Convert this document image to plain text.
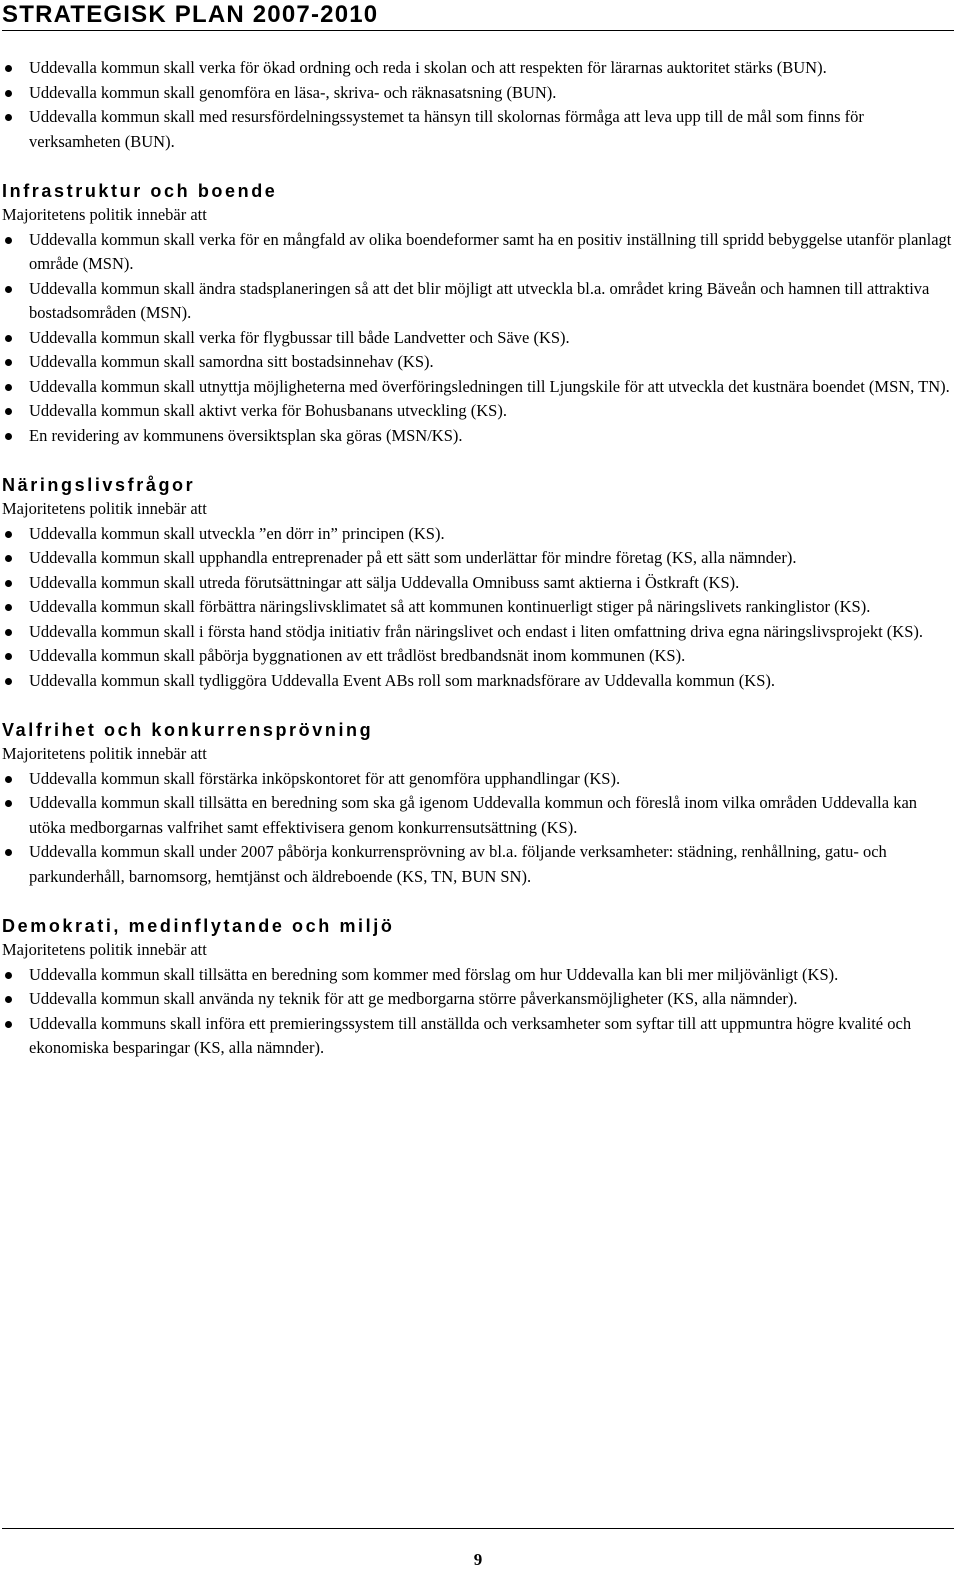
STRATEGISK PLAN 2007-2010
Uddevalla kommun skall verka för ökad ordning och reda i skolan och att respekten för lärarnas auktoritet stärks (BUN).
Uddevalla kommun skall genomföra en läsa-, skriva- och räknasatsning (BUN).
Uddevalla kommun skall med resursfördelningssystemet ta hänsyn till skolornas förmåga att leva upp till de mål som finns för verksamheten (BUN).
Infrastruktur och boende

Majoritetens politik innebär att

Uddevalla kommun skall verka för en mångfald av olika boendeformer samt ha en positiv inställning till spridd bebyggelse utanför planlagt område (MSN).
Uddevalla kommun skall ändra stadsplaneringen så att det blir möjligt att utveckla bl.a. området kring Bäveån och hamnen till attraktiva bostadsområden (MSN).
Uddevalla kommun skall verka för flygbussar till både Landvetter och Säve (KS).
Uddevalla kommun skall samordna sitt bostadsinnehav (KS).
Uddevalla kommun skall utnyttja möjligheterna med överföringsledningen till Ljungskile för att utveckla det kustnära boendet (MSN, TN).
Uddevalla kommun skall aktivt verka för Bohusbanans utveckling (KS).
En revidering av kommunens översiktsplan ska göras (MSN/KS).
Näringslivsfrågor

Majoritetens politik innebär att

Uddevalla kommun skall utveckla ”en dörr in” principen (KS).
Uddevalla kommun skall upphandla entreprenader på ett sätt som underlättar för mindre företag (KS, alla nämnder).
Uddevalla kommun skall utreda förutsättningar att sälja Uddevalla Omnibuss samt aktierna i Östkraft (KS).
Uddevalla kommun skall förbättra näringslivsklimatet så att kommunen kontinuerligt stiger på näringslivets rankinglistor (KS).
Uddevalla kommun skall i första hand stödja initiativ från näringslivet och endast i liten omfattning driva egna näringslivsprojekt (KS).
Uddevalla kommun skall påbörja byggnationen av ett trådlöst bredbandsnät inom kommunen (KS).
Uddevalla kommun skall tydliggöra Uddevalla Event ABs roll som marknadsförare av Uddevalla kommun (KS).
Valfrihet och konkurrensprövning

Majoritetens politik innebär att

Uddevalla kommun skall förstärka inköpskontoret för att genomföra upphandlingar (KS).
Uddevalla kommun skall tillsätta en beredning som ska gå igenom Uddevalla kommun och föreslå inom vilka områden Uddevalla kan utöka medborgarnas valfrihet samt effektivisera genom konkurrensutsättning (KS).
Uddevalla kommun skall under 2007 påbörja konkurrensprövning av bl.a. följande verksamheter: städning, renhållning, gatu- och parkunderhåll, barnomsorg, hemtjänst och äldreboende (KS, TN, BUN SN).
Demokrati, medinflytande och miljö

Majoritetens politik innebär att

Uddevalla kommun skall tillsätta en beredning som kommer med förslag om hur Uddevalla kan bli mer miljövänligt (KS).
Uddevalla kommun skall använda ny teknik för att ge medborgarna större påverkansmöjligheter (KS, alla nämnder).
Uddevalla kommuns skall införa ett premieringssystem till anställda och verksamheter som syftar till att uppmuntra högre kvalité och ekonomiska besparingar (KS, alla nämnder).
9
